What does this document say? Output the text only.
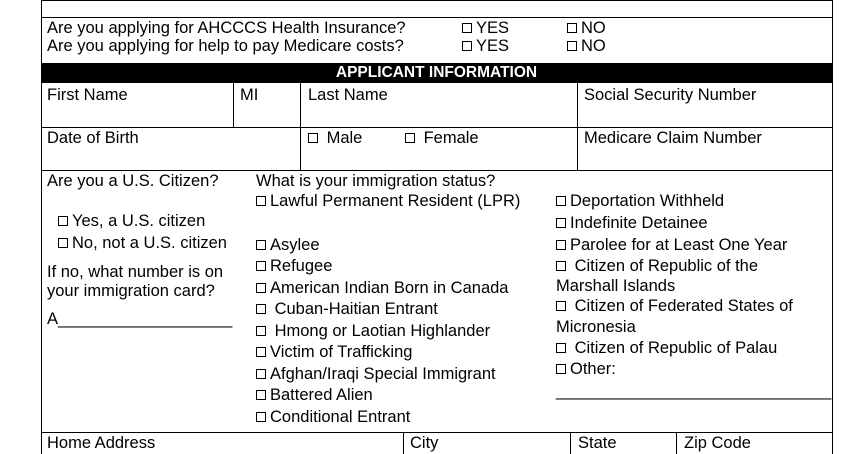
Are you applying for AHCCCS Health Insurance?	YES	NO
Are you applying for help to pay Medicare costs?	YES	NO
APPLICANT INFORMATION
First Name	MI	Last Name	Social Security Number
Date of Birth	Male	Female	Medicare Claim Number
Are you a U.S. Citizen?
Yes, a U.S. citizen
No, not a U.S. citizen
If no, what number is on
your immigration card?
A___________________
What is your immigration status?
Lawful Permanent Resident (LPR)
Asylee
Refugee
American Indian Born in Canada
Cuban-Haitian Entrant
Hmong or Laotian Highlander
Victim of Trafficking
Afghan/Iraqi Special Immigrant
Battered Alien
Conditional Entrant
Deportation Withheld
Indefinite Detainee
Parolee for at Least One Year
Citizen of Republic of the
Marshall Islands
Citizen of Federated States of
Micronesia
Citizen of Republic of Palau
Other:
______________________________
Home Address	City	State	Zip Code
